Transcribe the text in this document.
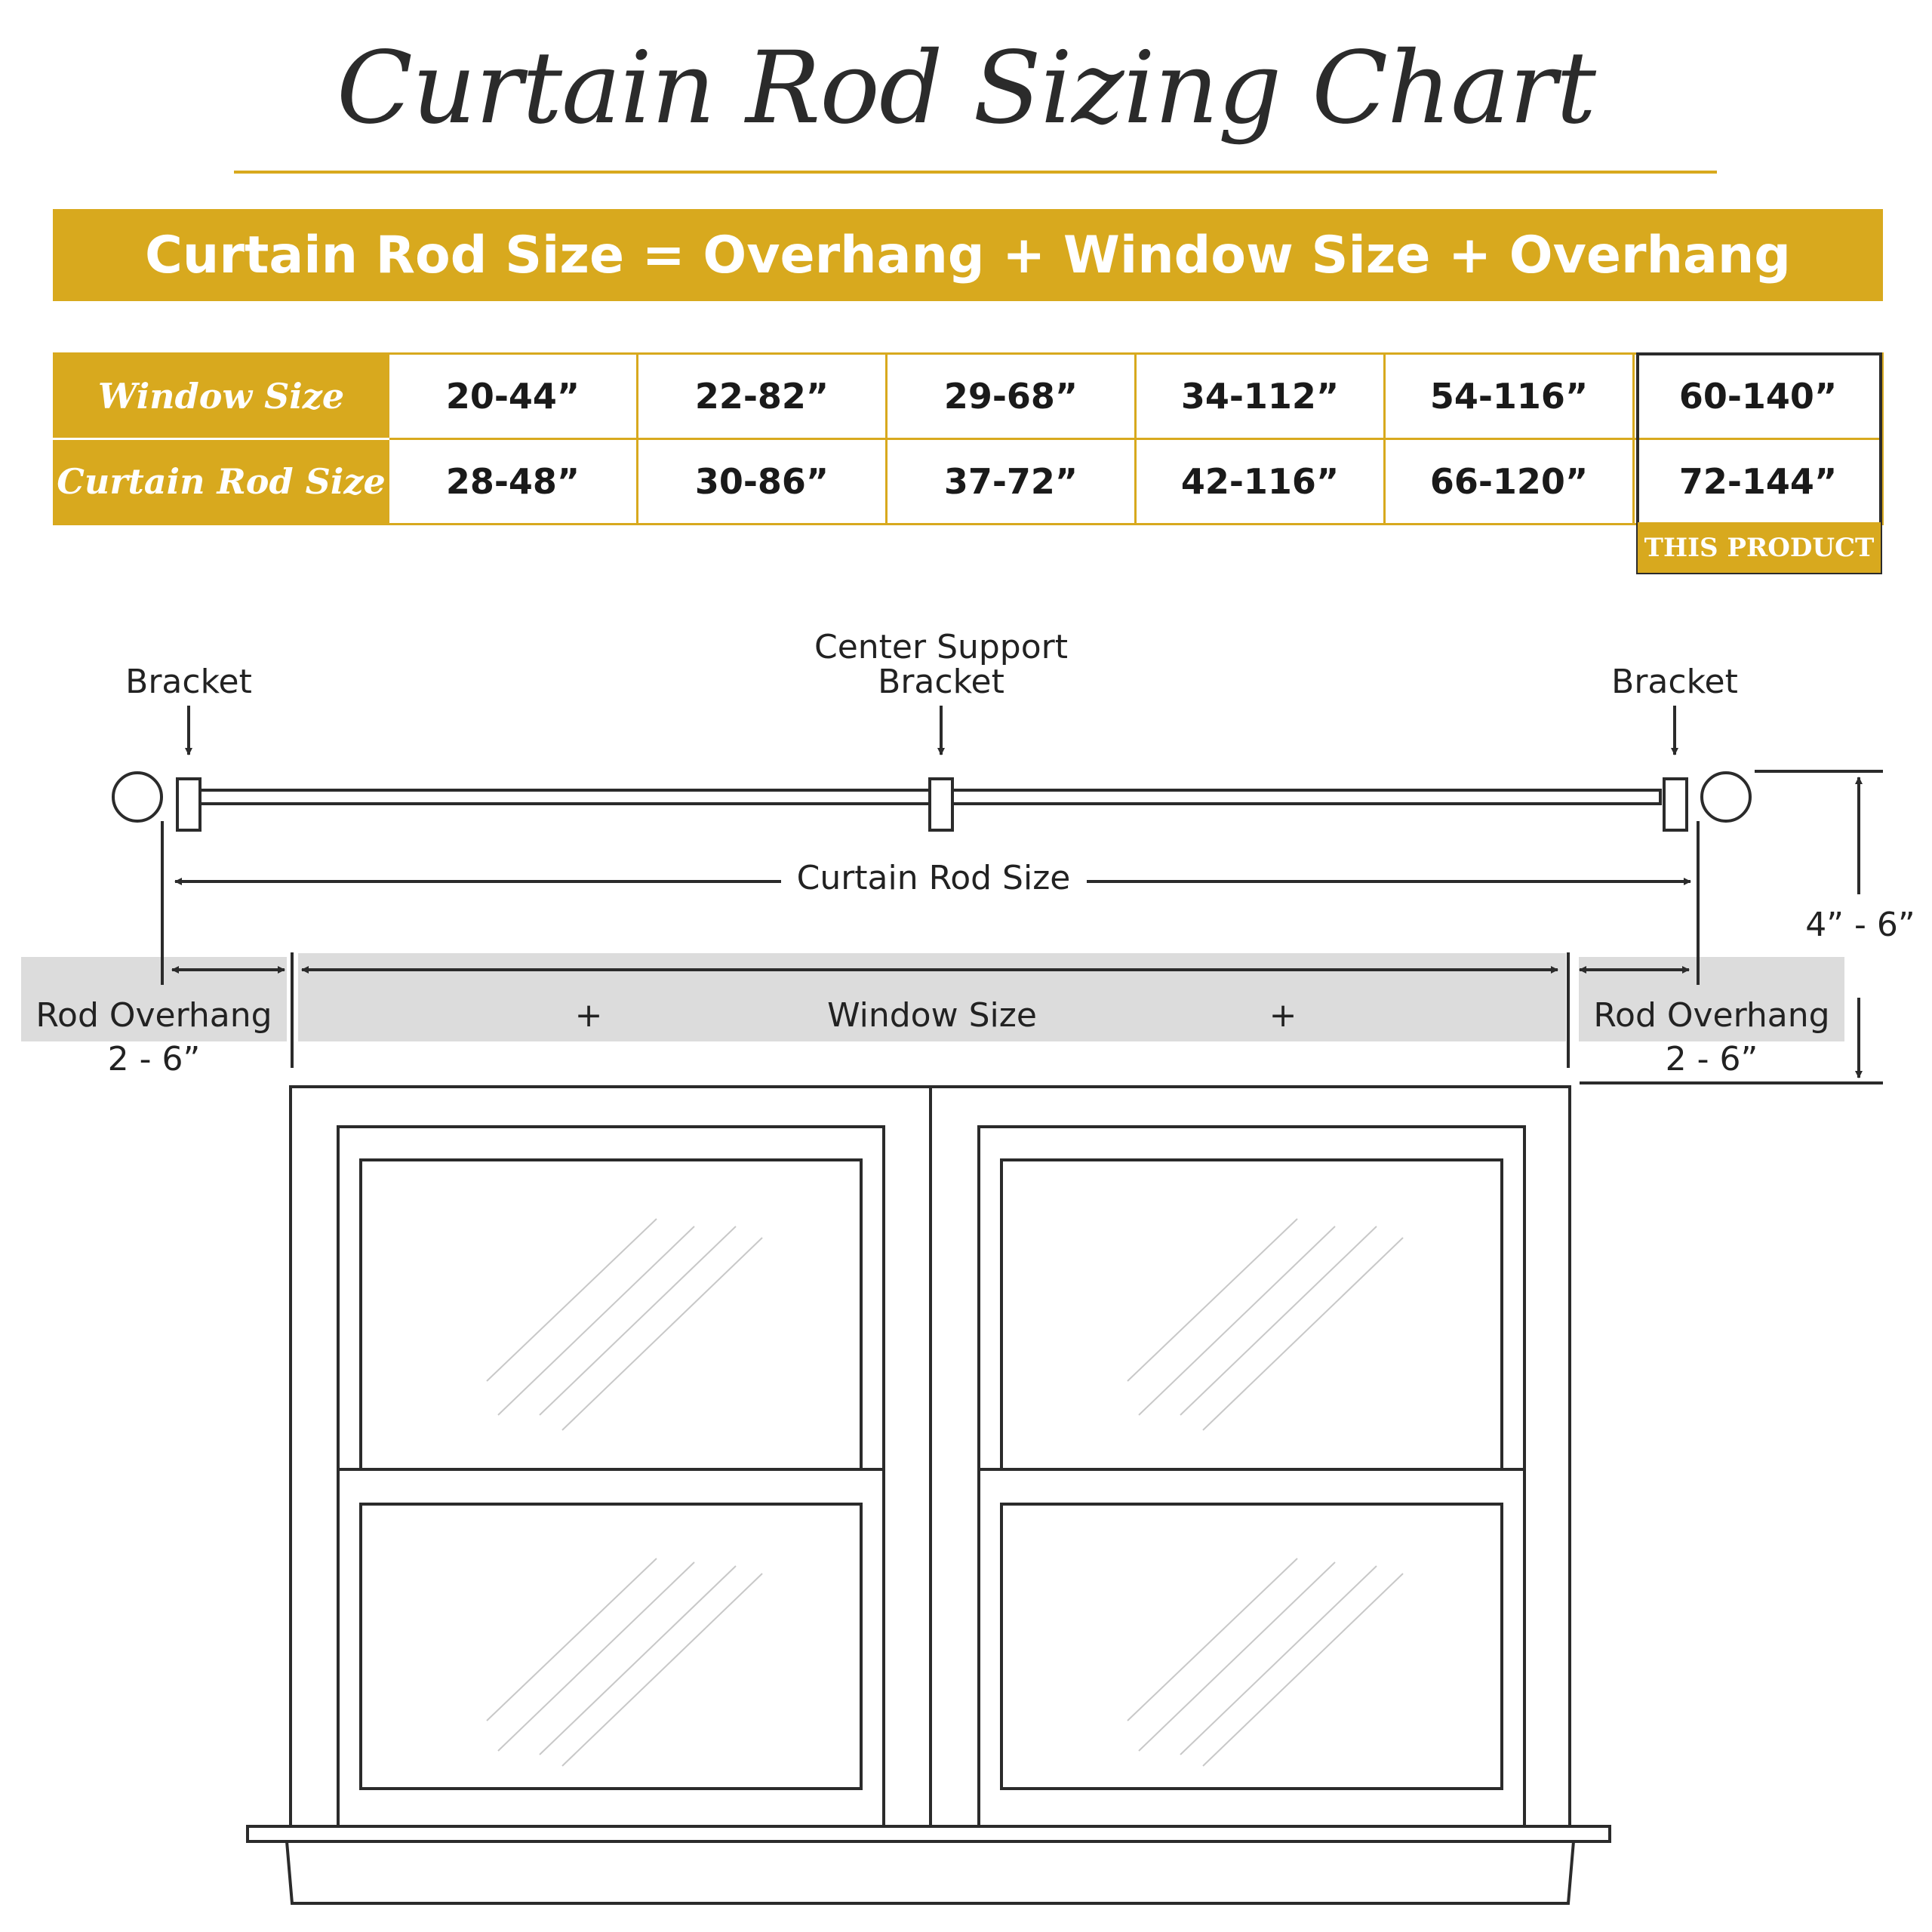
Curtain Rod Sizing Chart
Curtain Rod Size = Overhang + Window Size + Overhang
Window Size	20-44”	22-82”	29-68”	34-112”	54-116”	60-140”
Curtain Rod Size	28-48”	30-86”	37-72”	42-116”	66-120”	72-144”
THIS PRODUCT
Bracket
Center Support
Bracket	Bracket
Curtain Rod Size
4” - 6”
Rod Overhang
2 - 6”
+	Window Size	+	Rod Overhang
2 - 6”
